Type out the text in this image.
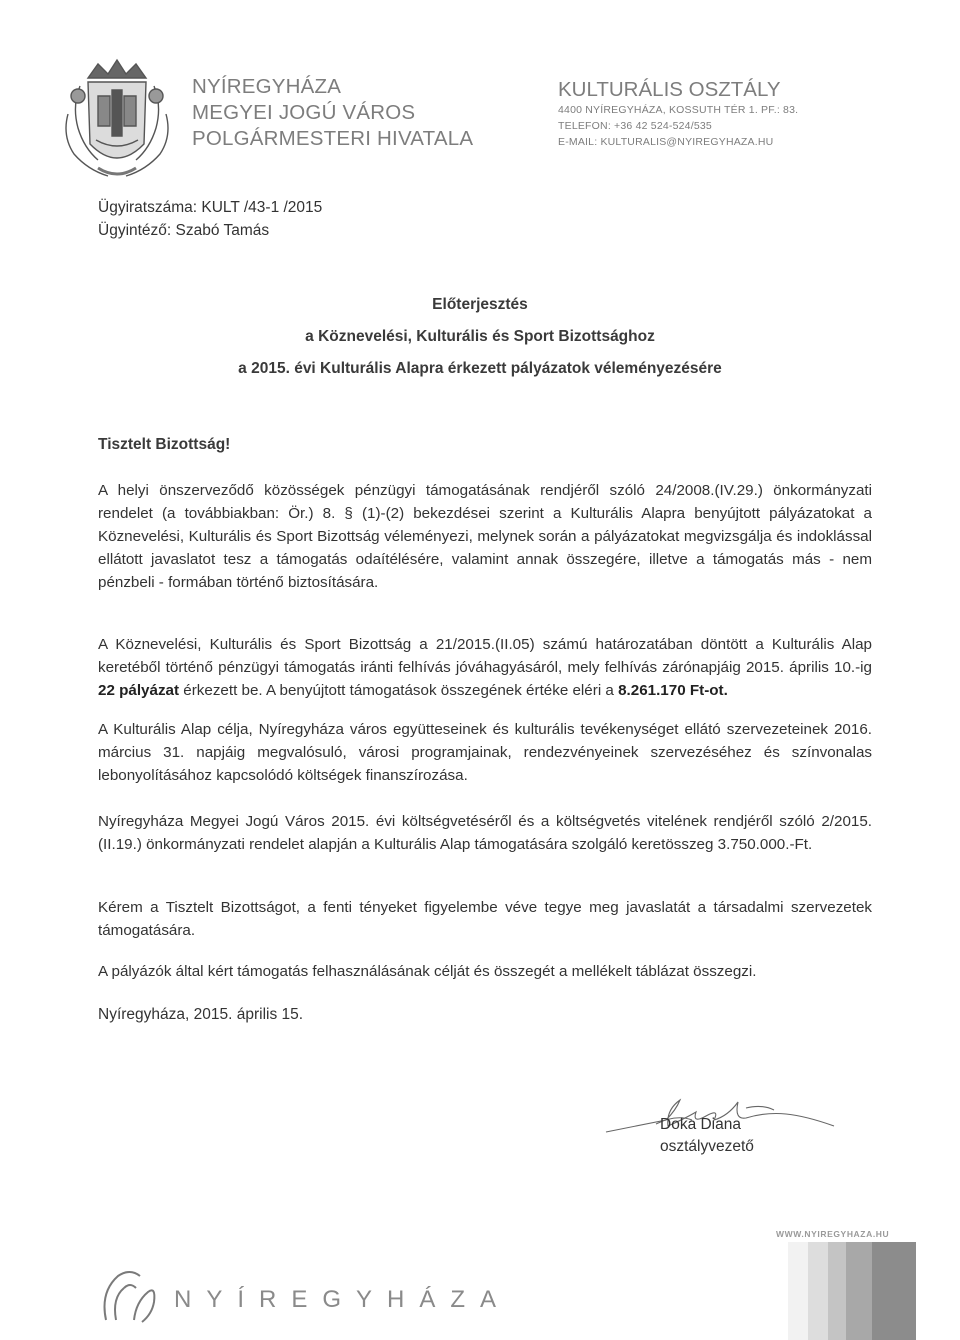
NYÍREGYHÁZA
MEGYEI JOGÚ VÁROS
POLGÁRMESTERI HIVATALA
KULTURÁLIS OSZTÁLY
4400 NYÍREGYHÁZA, KOSSUTH TÉR 1. PF.: 83.
TELEFON: +36 42 524-524/535
E-MAIL: KULTURALIS@NYIREGYHAZA.HU
Ügyiratszáma: KULT /43-1 /2015
Ügyintéző: Szabó Tamás
Előterjesztés
a Köznevelési, Kulturális és Sport Bizottsághoz
a 2015. évi Kulturális Alapra érkezett pályázatok véleményezésére
Tisztelt Bizottság!
A helyi önszerveződő közösségek pénzügyi támogatásának rendjéről szóló 24/2008.(IV.29.) önkormányzati rendelet (a továbbiakban: Ör.) 8. § (1)-(2) bekezdései szerint a Kulturális Alapra benyújtott pályázatokat a Köznevelési, Kulturális és Sport Bizottság véleményezi, melynek során a pályázatokat megvizsgálja és indoklással ellátott javaslatot tesz a támogatás odaítélésére, valamint annak összegére, illetve a támogatás más - nem pénzbeli - formában történő biztosítására.
A Köznevelési, Kulturális és Sport Bizottság a 21/2015.(II.05) számú határozatában döntött a Kulturális Alap keretéből történő pénzügyi támogatás iránti felhívás jóváhagyásáról, mely felhívás zárónapjáig 2015. április 10.-ig 22 pályázat érkezett be. A benyújtott támogatások összegének értéke eléri a 8.261.170 Ft-ot.
A Kulturális Alap célja, Nyíregyháza város együtteseinek és kulturális tevékenységet ellátó szervezeteinek 2016. március 31. napjáig megvalósuló, városi programjainak, rendezvényeinek szervezéséhez és színvonalas lebonyolításához kapcsolódó költségek finanszírozása.
Nyíregyháza Megyei Jogú Város 2015. évi költségvetéséről és a költségvetés vitelének rendjéről szóló 2/2015. (II.19.) önkormányzati rendelet alapján a Kulturális Alap támogatására szolgáló keretösszeg 3.750.000.-Ft.
Kérem a Tisztelt Bizottságot, a fenti tényeket figyelembe véve tegye meg javaslatát a társadalmi szervezetek támogatására.
A pályázók által kért támogatás felhasználásának célját és összegét a mellékelt táblázat összegzi.
Nyíregyháza, 2015. április 15.
Doka Diana
osztályvezető
WWW.NYIREGYHAZA.HU
NYÍREGYHÁZA
